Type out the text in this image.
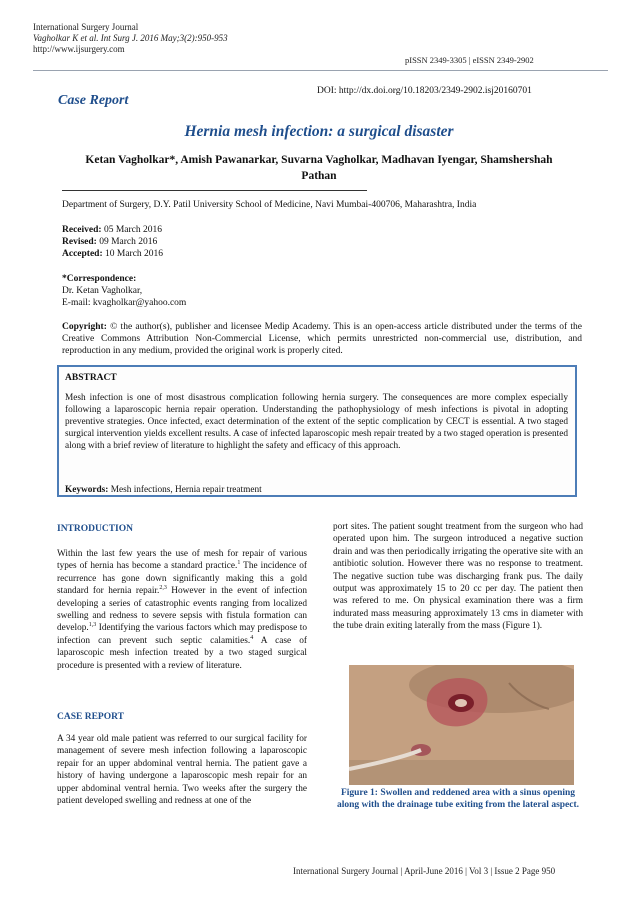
International Surgery Journal
Vagholkar K et al. Int Surg J. 2016 May;3(2):950-953
http://www.ijsurgery.com
pISSN 2349-3305 | eISSN 2349-2902
DOI: http://dx.doi.org/10.18203/2349-2902.isj20160701
Case Report
Hernia mesh infection: a surgical disaster
Ketan Vagholkar*, Amish Pawanarkar, Suvarna Vagholkar, Madhavan Iyengar, Shamshershah Pathan
Department of Surgery, D.Y. Patil University School of Medicine, Navi Mumbai-400706, Maharashtra, India
Received: 05 March 2016
Revised: 09 March 2016
Accepted: 10 March 2016
*Correspondence:
Dr. Ketan Vagholkar,
E-mail: kvagholkar@yahoo.com
Copyright: © the author(s), publisher and licensee Medip Academy. This is an open-access article distributed under the terms of the Creative Commons Attribution Non-Commercial License, which permits unrestricted non-commercial use, distribution, and reproduction in any medium, provided the original work is properly cited.
ABSTRACT
Mesh infection is one of most disastrous complication following hernia surgery. The consequences are more complex especially following a laparoscopic hernia repair operation. Understanding the pathophysiology of mesh infections is pivotal in adopting preventive strategies. Once infected, exact determination of the extent of the septic complication by CECT is essential. A two staged surgical intervention yields excellent results. A case of infected laparoscopic mesh repair treated by a two staged operation is presented along with a brief review of literature to highlight the safety and efficacy of this approach.
Keywords: Mesh infections, Hernia repair treatment
INTRODUCTION
Within the last few years the use of mesh for repair of various types of hernia has become a standard practice.$^1$ The incidence of recurrence has gone down significantly making this a gold standard for hernia repair.$^{2,3}$ However in the event of infection developing a series of catastrophic events ranging from localized swelling and redness to severe sepsis with fistula formation can develop.$^{1,3}$ Identifying the various factors which may predispose to infection can prevent such septic calamities.$^4$ A case of laparoscopic mesh infection treated by a two staged surgical procedure is presented with a review of literature.
CASE REPORT
A 34 year old male patient was referred to our surgical facility for management of severe mesh infection following a laparoscopic repair for an upper abdominal ventral hernia. The patient gave a history of having undergone a laparoscopic mesh repair for an upper abdominal ventral hernia. Two weeks after the surgery the patient developed swelling and redness at one of the
port sites. The patient sought treatment from the surgeon who had operated upon him. The surgeon introduced a negative suction drain and was then periodically irrigating the operative site with an antibiotic solution. However there was no response to treatment. The negative suction tube was discharging frank pus. The daily output was approximately 15 to 20 cc per day. The patient then was refered to me. On physical examination there was a firm indurated mass measuring approximately 13 cms in diameter with the tube drain exiting laterally from the mass (Figure 1).
Figure 1: Swollen and reddened area with a sinus opening along with the drainage tube exiting from the lateral aspect.
International Surgery Journal | April-June 2016 | Vol 3 | Issue 2 Page 950
